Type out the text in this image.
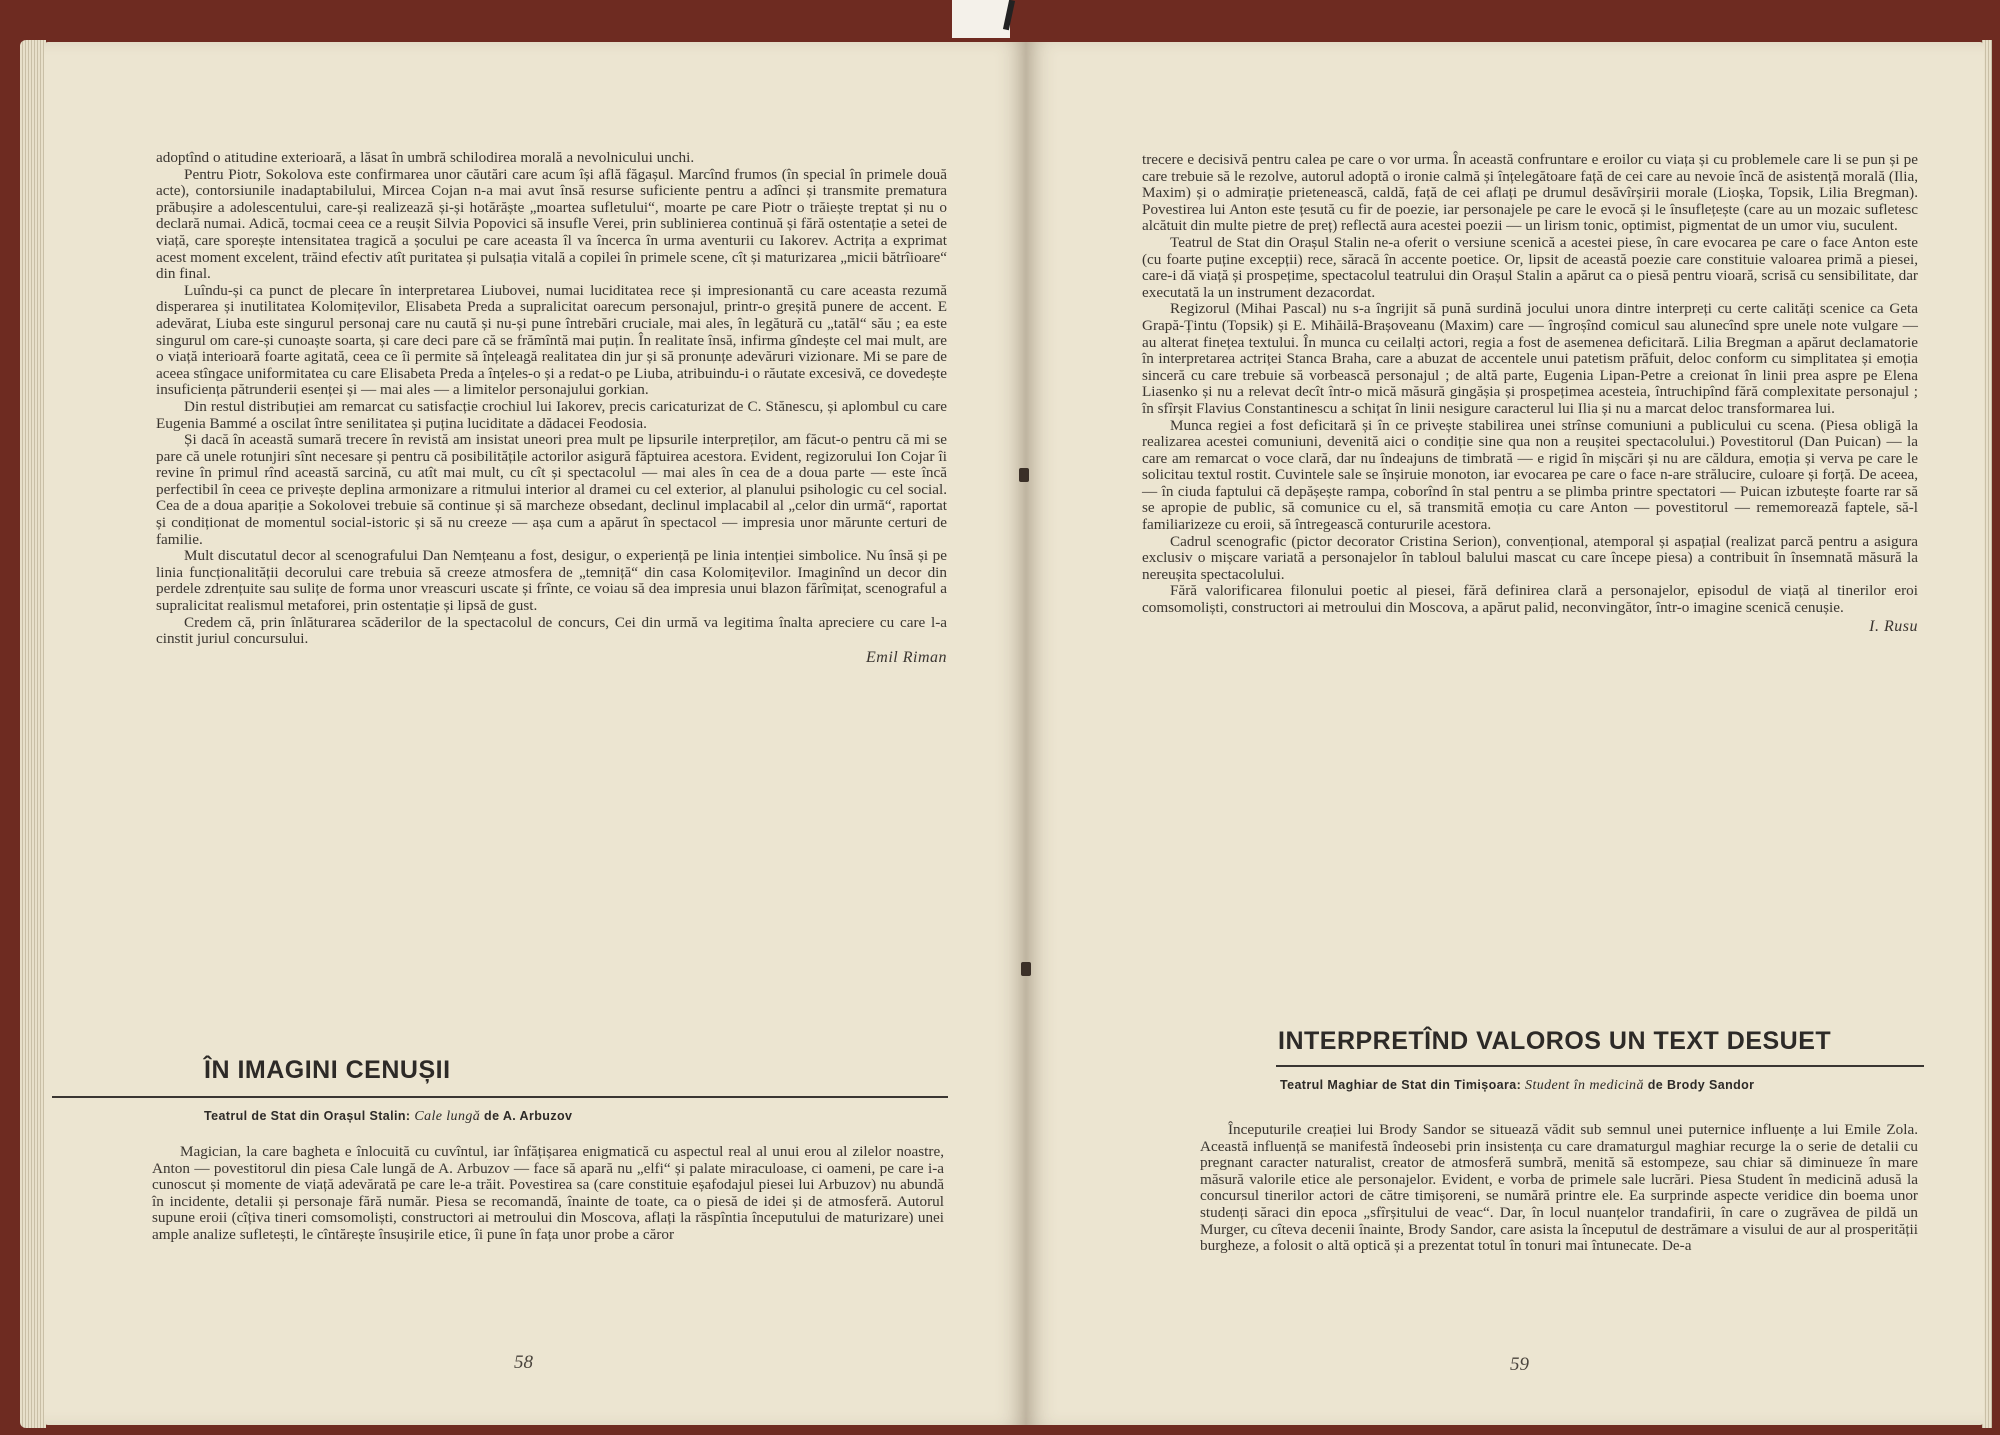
adoptînd o atitudine exterioară, a lăsat în umbră schilodirea morală a nevolnicului unchi.

Pentru Piotr, Sokolova este confirmarea unor căutări care acum își află făgașul. Marcînd frumos (în special în primele două acte), contorsiunile inadaptabilului, Mircea Cojan n-a mai avut însă resurse suficiente pentru a adînci și transmite prematura prăbușire a adolescentului, care-și realizează și-și hotărăște „moartea sufletului“, moarte pe care Piotr o trăiește treptat și nu o declară numai. Adică, tocmai ceea ce a reușit Silvia Popovici să insufle Verei, prin sublinierea continuă și fără ostentație a setei de viață, care sporește intensitatea tragică a șocului pe care aceasta îl va încerca în urma aventurii cu Iakorev. Actrița a exprimat acest moment excelent, trăind efectiv atît puritatea și pulsația vitală a copilei în primele scene, cît și maturizarea „micii bătrîioare“ din final.

Luîndu-și ca punct de plecare în interpretarea Liubovei, numai luciditatea rece și impresionantă cu care aceasta rezumă disperarea și inutilitatea Kolomițevilor, Elisabeta Preda a supralicitat oarecum personajul, printr-o greșită punere de accent. E adevărat, Liuba este singurul personaj care nu caută și nu-și pune întrebări cruciale, mai ales, în legătură cu „tatăl“ său ; ea este singurul om care-și cunoaște soarta, și care deci pare că se frămîntă mai puțin. În realitate însă, infirma gîndește cel mai mult, are o viață interioară foarte agitată, ceea ce îi permite să înțeleagă realitatea din jur și să pronunțe adevăruri vizionare. Mi se pare de aceea stîngace uniformitatea cu care Elisabeta Preda a înțeles-o și a redat-o pe Liuba, atribuindu-i o răutate excesivă, ce dovedește insuficiența pătrunderii esenței și — mai ales — a limitelor personajului gorkian.

Din restul distribuției am remarcat cu satisfacție crochiul lui Iakorev, precis caricaturizat de C. Stănescu, și aplombul cu care Eugenia Bammé a oscilat între senilitatea și puțina luciditate a dădacei Feodosia.

Și dacă în această sumară trecere în revistă am insistat uneori prea mult pe lipsurile interpreților, am făcut-o pentru că mi se pare că unele rotunjiri sînt necesare și pentru că posibilitățile actorilor asigură făptuirea acestora. Evident, regizorului Ion Cojar îi revine în primul rînd această sarcină, cu atît mai mult, cu cît și spectacolul — mai ales în cea de a doua parte — este încă perfectibil în ceea ce privește deplina armonizare a ritmului interior al dramei cu cel exterior, al planului psihologic cu cel social. Cea de a doua apariție a Sokolovei trebuie să continue și să marcheze obsedant, declinul implacabil al „celor din urmă“, raportat și condiționat de momentul social-istoric și să nu creeze — așa cum a apărut în spectacol — impresia unor mărunte certuri de familie.

Mult discutatul decor al scenografului Dan Nemțeanu a fost, desigur, o experiență pe linia intenției simbolice. Nu însă și pe linia funcționalității decorului care trebuia să creeze atmosfera de „temniță“ din casa Kolomițevilor. Imaginînd un decor din perdele zdrențuite sau sulițe de forma unor vreascuri uscate și frînte, ce voiau să dea impresia unui blazon fărîmițat, scenograful a supralicitat realismul metaforei, prin ostentație și lipsă de gust.

Credem că, prin înlăturarea scăderilor de la spectacolul de concurs, Cei din urmă va legitima înalta apreciere cu care l-a cinstit juriul concursului.

Emil Riman
ÎN IMAGINI CENUȘII
Teatrul de Stat din Orașul Stalin: Cale lungă de A. Arbuzov

Magician, la care bagheta e înlocuită cu cuvîntul, iar înfățișarea enigmatică cu aspectul real al unui erou al zilelor noastre, Anton — povestitorul din piesa Cale lungă de A. Arbuzov — face să apară nu „elfi“ și palate miraculoase, ci oameni, pe care i-a cunoscut și momente de viață adevărată pe care le-a trăit. Povestirea sa (care constituie eșafodajul piesei lui Arbuzov) nu abundă în incidente, detalii și personaje fără număr. Piesa se recomandă, înainte de toate, ca o piesă de idei și de atmosferă. Autorul supune eroii (cîțiva tineri comsomoliști, constructori ai metroului din Moscova, aflați la răspîntia începutului de maturizare) unei ample analize sufletești, le cîntărește însușirile etice, îi pune în fața unor probe a căror

58

trecere e decisivă pentru calea pe care o vor urma. În această confruntare e eroilor cu viața și cu problemele care li se pun și pe care trebuie să le rezolve, autorul adoptă o ironie calmă și înțelegătoare față de cei care au nevoie încă de asistență morală (Ilia, Maxim) și o admirație prietenească, caldă, față de cei aflați pe drumul desăvîrșirii morale (Lioșka, Topsik, Lilia Bregman). Povestirea lui Anton este țesută cu fir de poezie, iar personajele pe care le evocă și le însuflețește (care au un mozaic sufletesc alcătuit din multe pietre de preț) reflectă aura acestei poezii — un lirism tonic, optimist, pigmentat de un umor viu, suculent.

Teatrul de Stat din Orașul Stalin ne-a oferit o versiune scenică a acestei piese, în care evocarea pe care o face Anton este (cu foarte puține excepții) rece, săracă în accente poetice. Or, lipsit de această poezie care constituie valoarea primă a piesei, care-i dă viață și prospețime, spectacolul teatrului din Orașul Stalin a apărut ca o piesă pentru vioară, scrisă cu sensibilitate, dar executată la un instrument dezacordat.

Regizorul (Mihai Pascal) nu s-a îngrijit să pună surdină jocului unora dintre interpreți cu certe calități scenice ca Geta Grapă-Țintu (Topsik) și E. Mihăilă-Brașoveanu (Maxim) care — îngroșînd comicul sau alunecînd spre unele note vulgare — au alterat finețea textului. În munca cu ceilalți actori, regia a fost de asemenea deficitară. Lilia Bregman a apărut declamatorie în interpretarea actriței Stanca Braha, care a abuzat de accentele unui patetism prăfuit, deloc conform cu simplitatea și emoția sinceră cu care trebuie să vorbească personajul ; de altă parte, Eugenia Lipan-Petre a creionat în linii prea aspre pe Elena Liasenko și nu a relevat decît într-o mică măsură gingășia și prospețimea acesteia, întruchipînd fără complexitate personajul ; în sfîrșit Flavius Constantinescu a schițat în linii nesigure caracterul lui Ilia și nu a marcat deloc transformarea lui.

Munca regiei a fost deficitară și în ce privește stabilirea unei strînse comuniuni a publicului cu scena. (Piesa obligă la realizarea acestei comuniuni, devenită aici o condiție sine qua non a reușitei spectacolului.) Povestitorul (Dan Puican) — la care am remarcat o voce clară, dar nu îndeajuns de timbrată — e rigid în mișcări și nu are căldura, emoția și verva pe care le solicitau textul rostit. Cuvintele sale se înșiruie monoton, iar evocarea pe care o face n-are strălucire, culoare și forță. De aceea, — în ciuda faptului că depășește rampa, coborînd în stal pentru a se plimba printre spectatori — Puican izbutește foarte rar să se apropie de public, să comunice cu el, să transmită emoția cu care Anton — povestitorul — rememorează faptele, să-l familiarizeze cu eroii, să întregească contururile acestora.

Cadrul scenografic (pictor decorator Cristina Serion), convențional, atemporal și aspațial (realizat parcă pentru a asigura exclusiv o mișcare variată a personajelor în tabloul balului mascat cu care începe piesa) a contribuit în însemnată măsură la nereușita spectacolului.

Fără valorificarea filonului poetic al piesei, fără definirea clară a personajelor, episodul de viață al tinerilor eroi comsomoliști, constructori ai metroului din Moscova, a apărut palid, neconvingător, într-o imagine scenică cenușie.

I. Rusu
INTERPRETÎND VALOROS UN TEXT DESUET
Teatrul Maghiar de Stat din Timișoara: Student în medicină de Brody Sandor

Începuturile creației lui Brody Sandor se situează vădit sub semnul unei puternice influențe a lui Emile Zola. Această influență se manifestă îndeosebi prin insistența cu care dramaturgul maghiar recurge la o serie de detalii cu pregnant caracter naturalist, creator de atmosferă sumbră, menită să estompeze, sau chiar să diminueze în mare măsură valorile etice ale personajelor. Evident, e vorba de primele sale lucrări. Piesa Student în medicină adusă la concursul tinerilor actori de către timișoreni, se numără printre ele. Ea surprinde aspecte veridice din boema unor studenți săraci din epoca „sfîrșitului de veac“. Dar, în locul nuanțelor trandafirii, în care o zugrăvea de pildă un Murger, cu cîteva decenii înainte, Brody Sandor, care asista la începutul de destrămare a visului de aur al prosperității burgheze, a folosit o altă optică și a prezentat totul în tonuri mai întunecate. De-a

59
